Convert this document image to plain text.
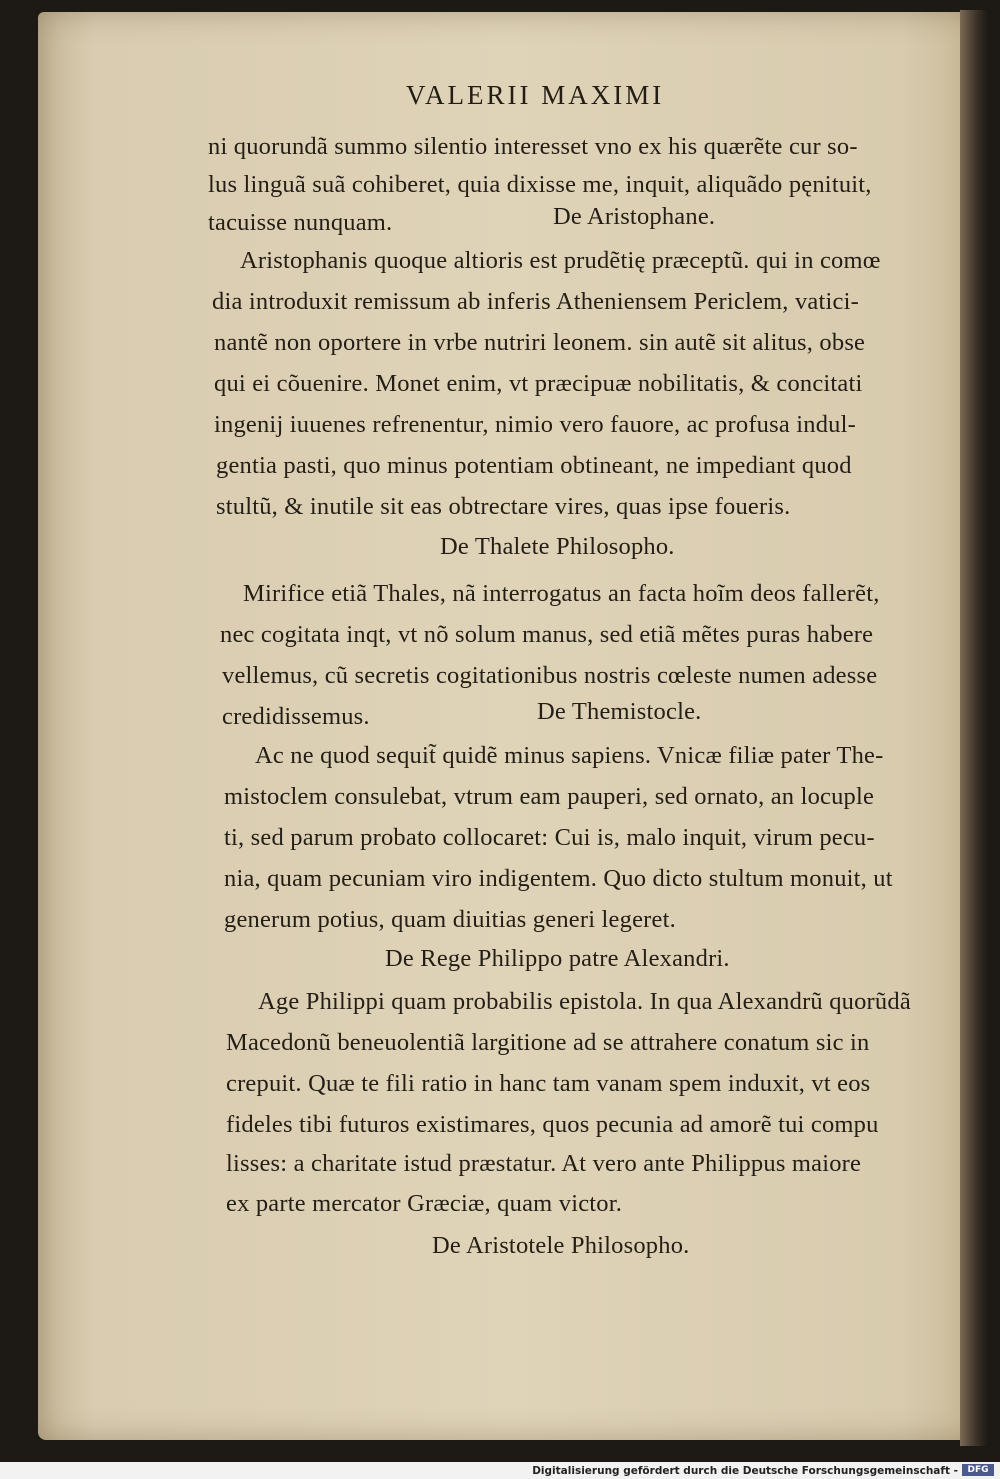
VALERII MAXIMI
ni quorundã summo silentio interesset vno ex his quærẽte cur so-
lus linguã suã cohiberet, quia dixisse me, inquit, aliquãdo pęnituit,
tacuisse nunquam.	De Aristophane.
Aristophanis quoque altioris est prudẽtię præceptũ. qui in comœ
dia introduxit remissum ab inferis Atheniensem Periclem, vatici-
nantẽ non oportere in vrbe nutriri leonem. sin autẽ sit alitus, obse
qui ei cõuenire. Monet enim, vt præcipuæ nobilitatis, & concitati
ingenij iuuenes refrenentur, nimio vero fauore, ac profusa indul-
gentia pasti, quo minus potentiam obtineant, ne impediant quod
stultũ, & inutile sit eas obtrectare vires, quas ipse foueris.
De Thalete Philosopho.
Mirifice etiã Thales, nã interrogatus an facta hoĩm deos fallerẽt,
nec cogitata inqt, vt nõ solum manus, sed etiã mẽtes puras habere
vellemus, cũ secretis cogitationibus nostris cœleste numen adesse
credidissemus.	De Themistocle.
Ac ne quod sequit̃ quidẽ minus sapiens. Vnicæ filiæ pater The-
mistoclem consulebat, vtrum eam pauperi, sed ornato, an locuple
ti, sed parum probato collocaret: Cui is, malo inquit, virum pecu-
nia, quam pecuniam viro indigentem. Quo dicto stultum monuit, ut
generum potius, quam diuitias generi legeret.
De Rege Philippo patre Alexandri.
Age Philippi quam probabilis epistola. In qua Alexandrũ quorũdã
Macedonũ beneuolentiã largitione ad se attrahere conatum sic in
crepuit. Quæ te fili ratio in hanc tam vanam spem induxit, vt eos
fideles tibi futuros existimares, quos pecunia ad amorẽ tui compu
lisses: a charitate istud præstatur. At vero ante Philippus maiore
ex parte mercator Græciæ, quam victor.
De Aristotele Philosopho.
Digitalisierung gefördert durch die Deutsche Forschungsgemeinschaft -	DFG
